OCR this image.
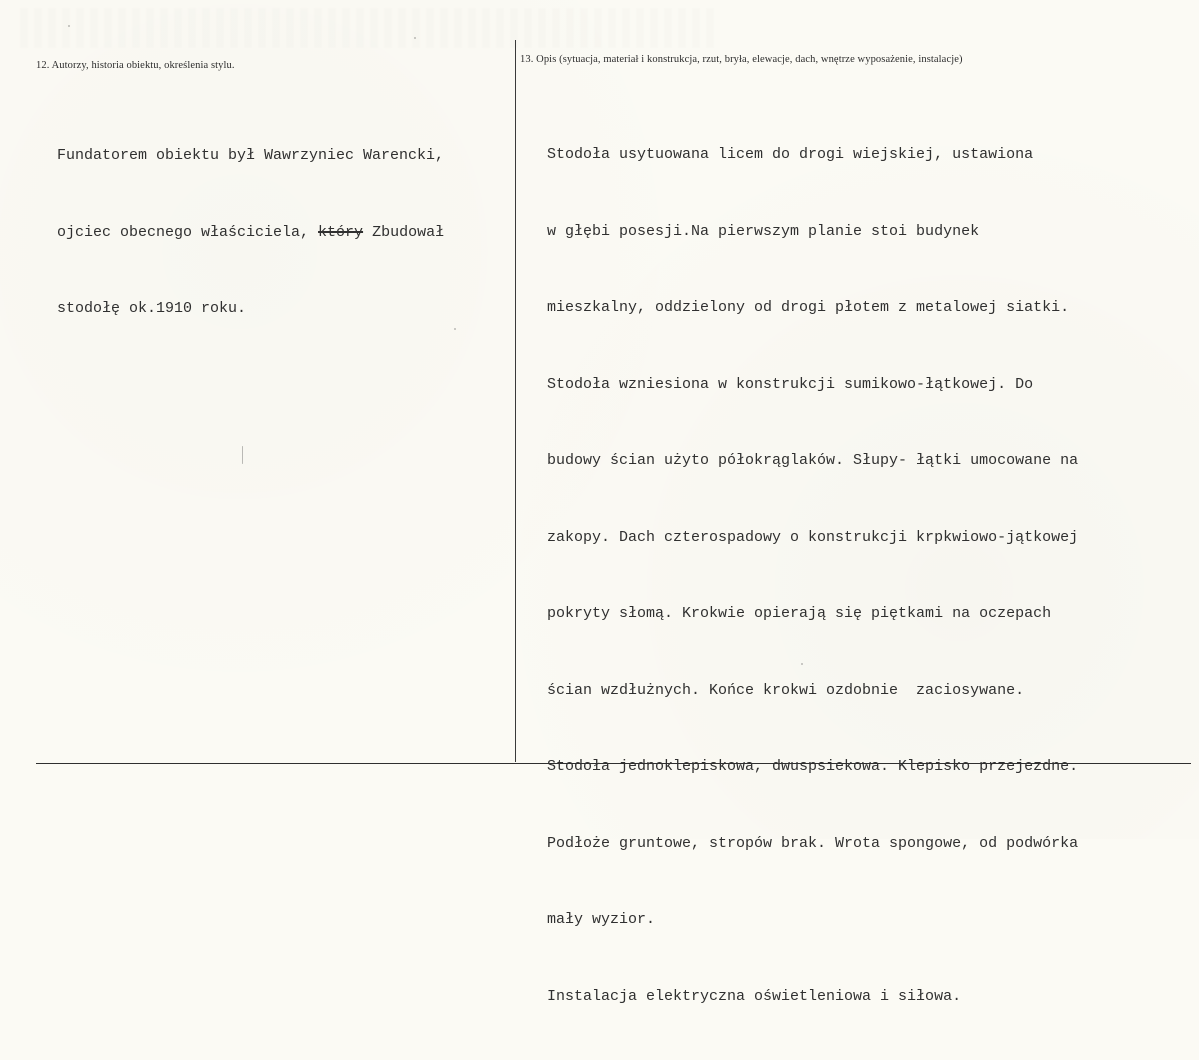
12. Autorzy, historia obiektu, określenia stylu.
13. Opis (sytuacja, materiał i konstrukcja, rzut, bryła, elewacje, dach, wnętrze wyposażenie, instalacje)

Fundatorem obiektu był Wawrzyniec Warencki,

ojciec obecnego właściciela, który Zbudował

stodołę ok.1910 roku.

Stodoła usytuowana licem do drogi wiejskiej, ustawiona

w głębi posesji.Na pierwszym planie stoi budynek

mieszkalny, oddzielony od drogi płotem z metalowej siatki.

Stodoła wzniesiona w konstrukcji sumikowo-łątkowej. Do

budowy ścian użyto półokrąglaków. Słupy- łątki umocowane na

zakopy. Dach czterospadowy o konstrukcji krpkwiowo-jątkowej

pokryty słomą. Krokwie opierają się piętkami na oczepach

ścian wzdłużnych. Końce krokwi ozdobnie  zaciosywane.

Stodoła jednoklepiskowa, dwuspsiekowa. Klepisko przejezdne.

Podłoże gruntowe, stropów brak. Wrota spongowe, od podwórka

mały wyzior.

Instalacja elektryczna oświetleniowa i siłowa.
